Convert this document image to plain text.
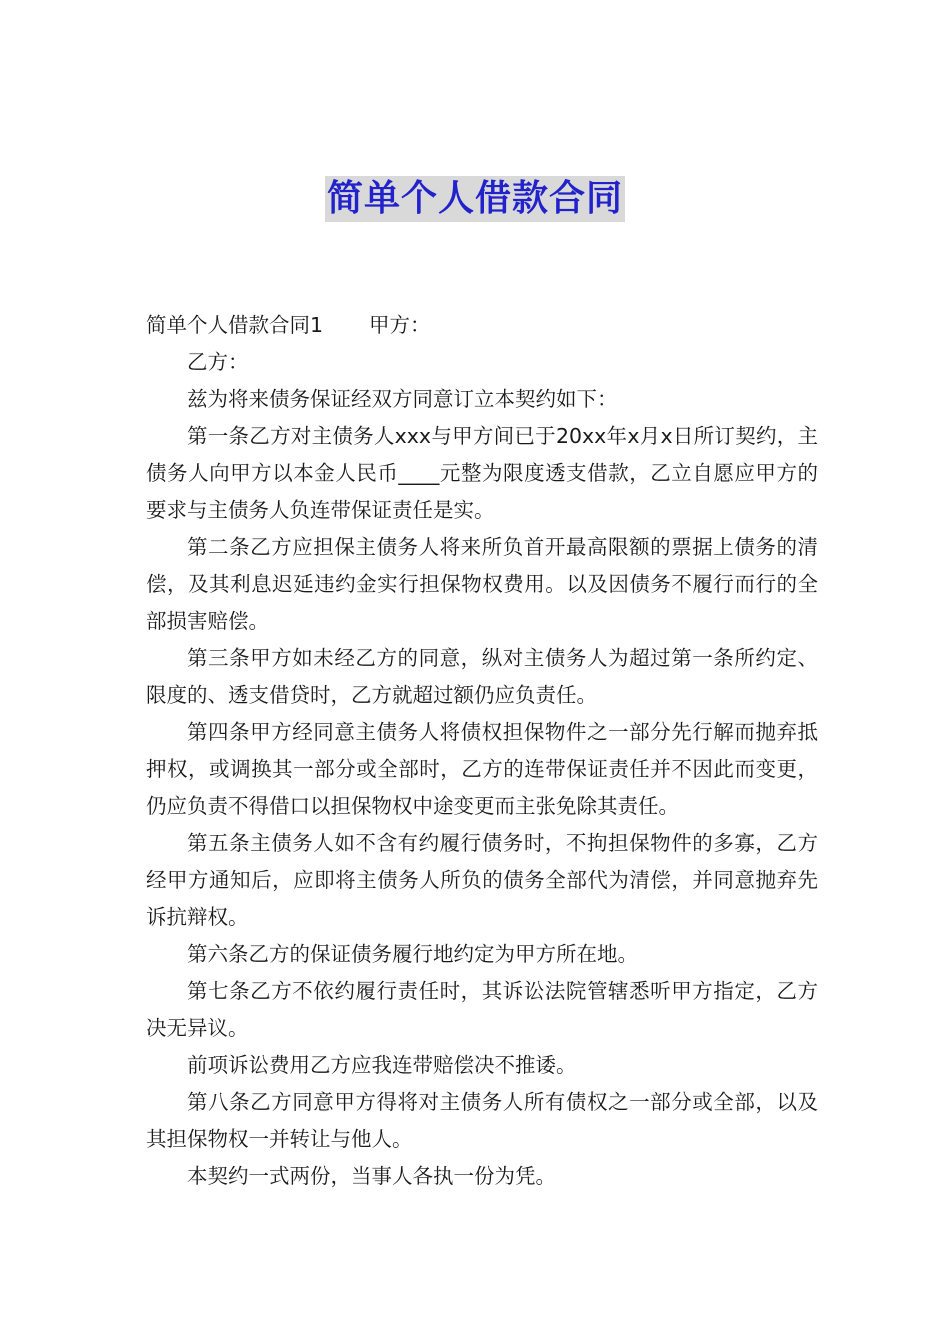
简单个人借款合同

简单个人借款合同1 甲方：

乙方：

兹为将来债务保证经双方同意订立本契约如下：

第一条乙方对主债务人xxx与甲方间已于20xx年x月x日所订契约，主债务人向甲方以本金人民币____元整为限度透支借款，乙立自愿应甲方的要求与主债务人负连带保证责任是实。

第二条乙方应担保主债务人将来所负首开最高限额的票据上债务的清偿，及其利息迟延违约金实行担保物权费用。以及因债务不履行而行的全部损害赔偿。

第三条甲方如未经乙方的同意，纵对主债务人为超过第一条所约定、限度的、透支借贷时，乙方就超过额仍应负责任。

第四条甲方经同意主债务人将债权担保物件之一部分先行解而抛弃抵押权，或调换其一部分或全部时，乙方的连带保证责任并不因此而变更，仍应负责不得借口以担保物权中途变更而主张免除其责任。

第五条主债务人如不含有约履行债务时，不拘担保物件的多寡，乙方经甲方通知后，应即将主债务人所负的债务全部代为清偿，并同意抛弃先诉抗辩权。

第六条乙方的保证债务履行地约定为甲方所在地。

第七条乙方不依约履行责任时，其诉讼法院管辖悉听甲方指定，乙方决无异议。

前项诉讼费用乙方应我连带赔偿决不推诿。

第八条乙方同意甲方得将对主债务人所有债权之一部分或全部，以及其担保物权一并转让与他人。

本契约一式两份，当事人各执一份为凭。
